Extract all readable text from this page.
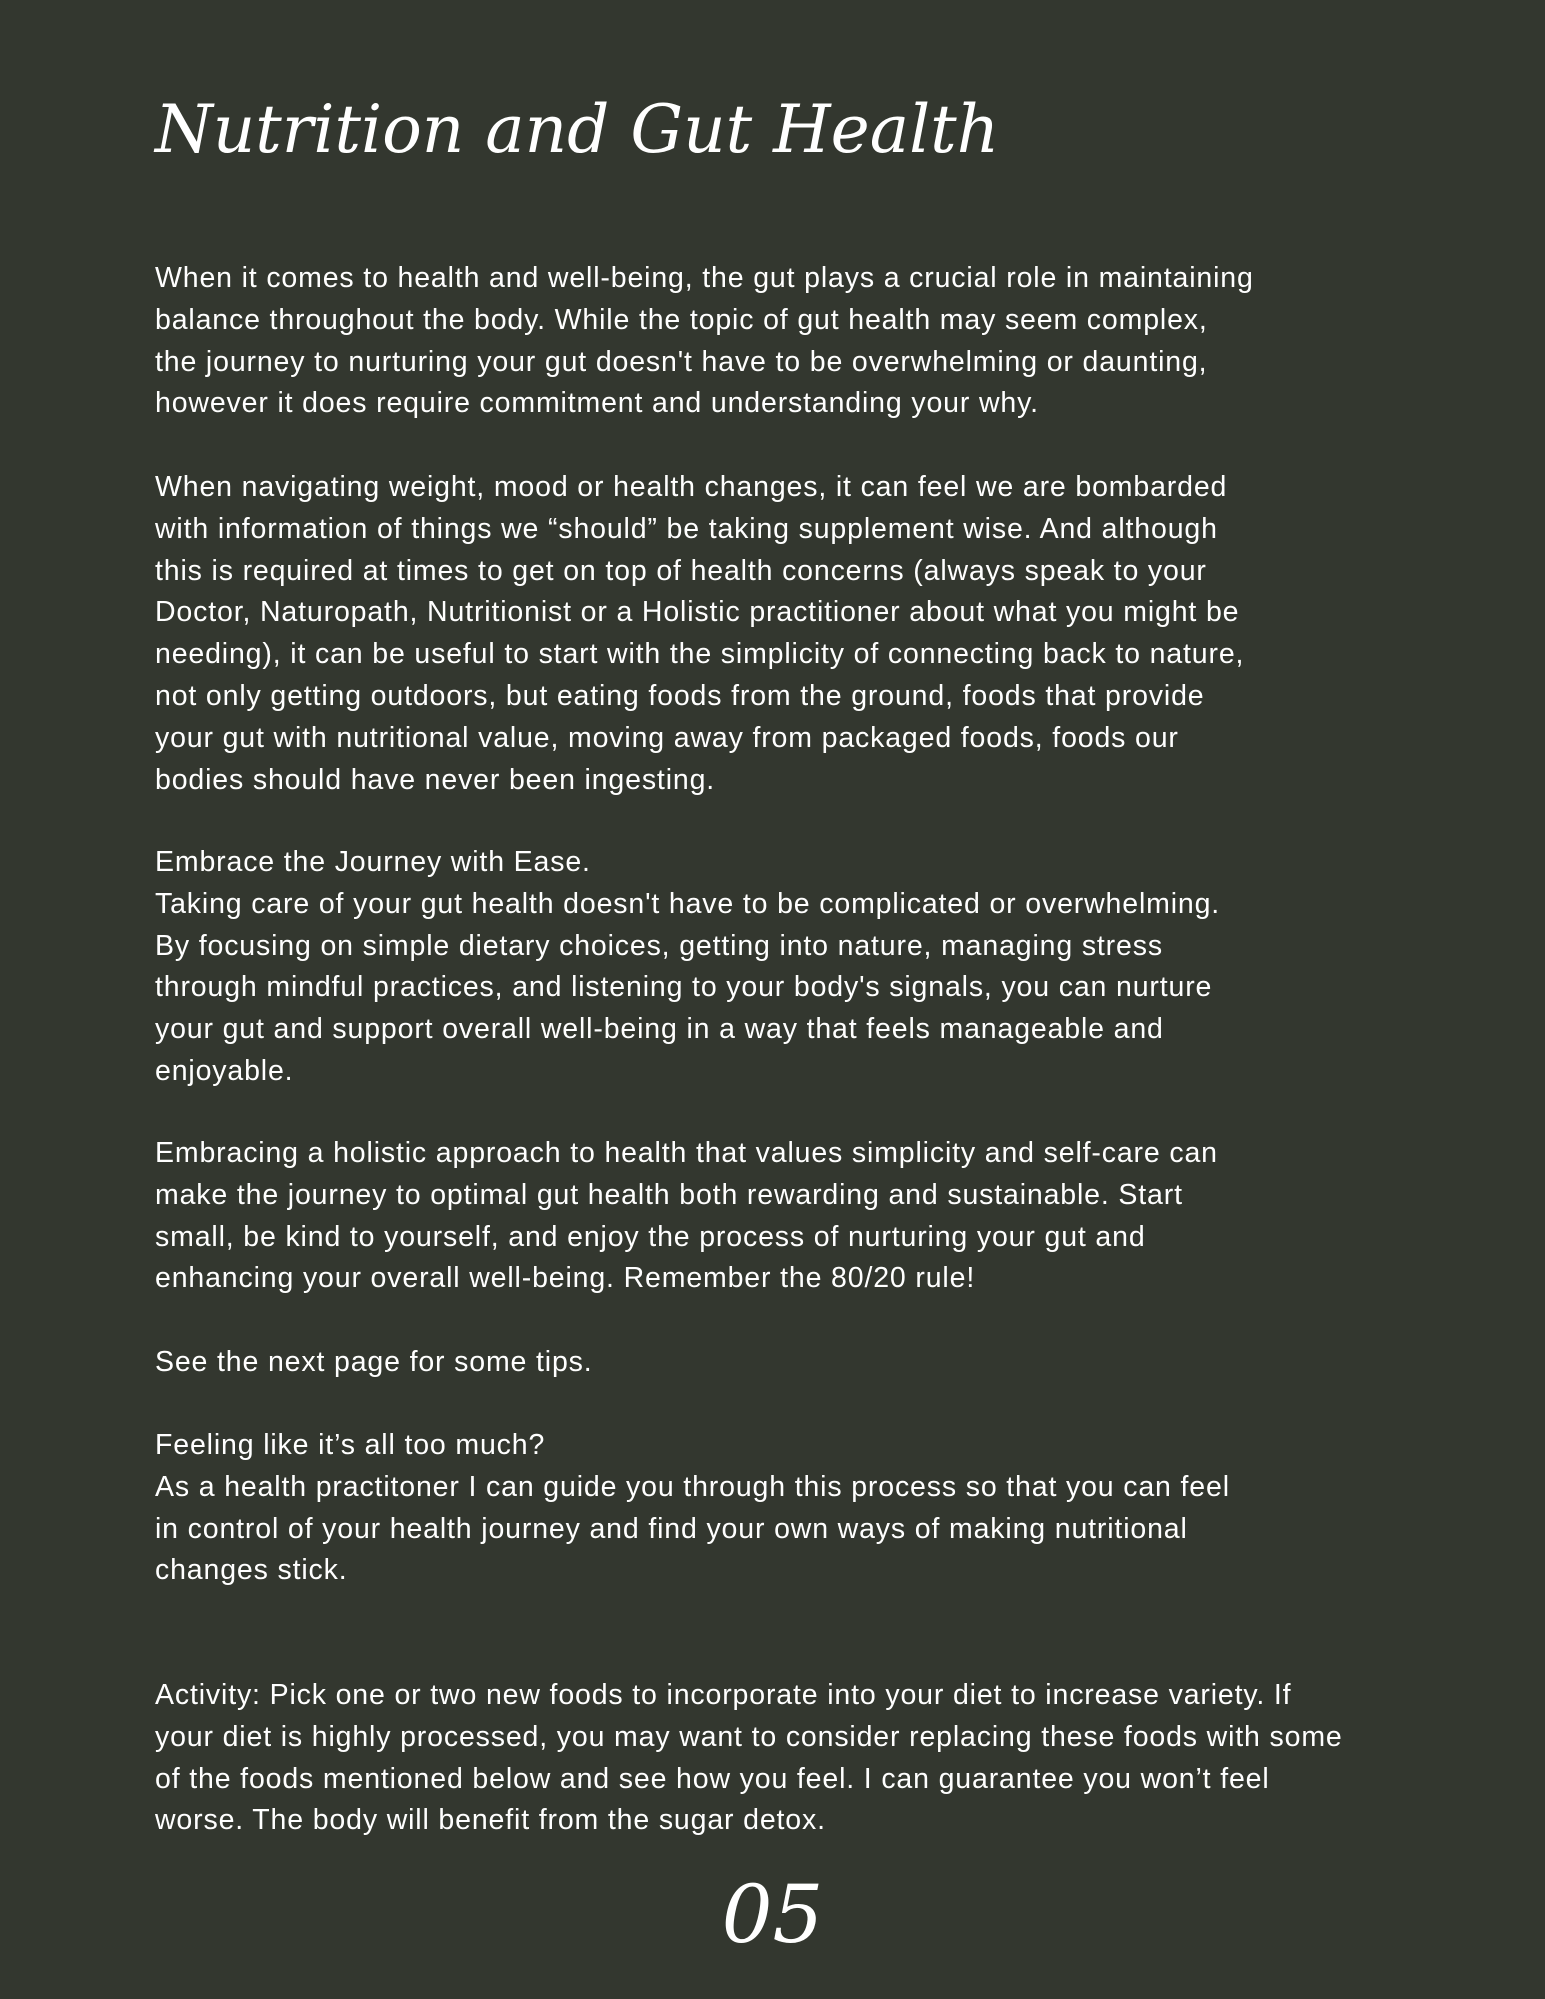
Nutrition and Gut Health

When it comes to health and well-being, the gut plays a crucial role in maintaining
balance throughout the body. While the topic of gut health may seem complex,
the journey to nurturing your gut doesn't have to be overwhelming or daunting,
however it does require commitment and understanding your why.

When navigating weight, mood or health changes, it can feel we are bombarded
with information of things we “should” be taking supplement wise. And although
this is required at times to get on top of health concerns (always speak to your
Doctor, Naturopath, Nutritionist or a Holistic practitioner about what you might be
needing), it can be useful to start with the simplicity of connecting back to nature,
not only getting outdoors, but eating foods from the ground, foods that provide
your gut with nutritional value, moving away from packaged foods, foods our
bodies should have never been ingesting.

Embrace the Journey with Ease.
Taking care of your gut health doesn't have to be complicated or overwhelming.
By focusing on simple dietary choices, getting into nature, managing stress
through mindful practices, and listening to your body's signals, you can nurture
your gut and support overall well-being in a way that feels manageable and
enjoyable.

Embracing a holistic approach to health that values simplicity and self-care can
make the journey to optimal gut health both rewarding and sustainable. Start
small, be kind to yourself, and enjoy the process of nurturing your gut and
enhancing your overall well-being. Remember the 80/20 rule!

See the next page for some tips.

Feeling like it’s all too much?
As a health practitoner I can guide you through this process so that you can feel
in control of your health journey and find your own ways of making nutritional
changes stick.

Activity: Pick one or two new foods to incorporate into your diet to increase variety. If
your diet is highly processed, you may want to consider replacing these foods with some
of the foods mentioned below and see how you feel. I can guarantee you won’t feel
worse. The body will benefit from the sugar detox.

05
